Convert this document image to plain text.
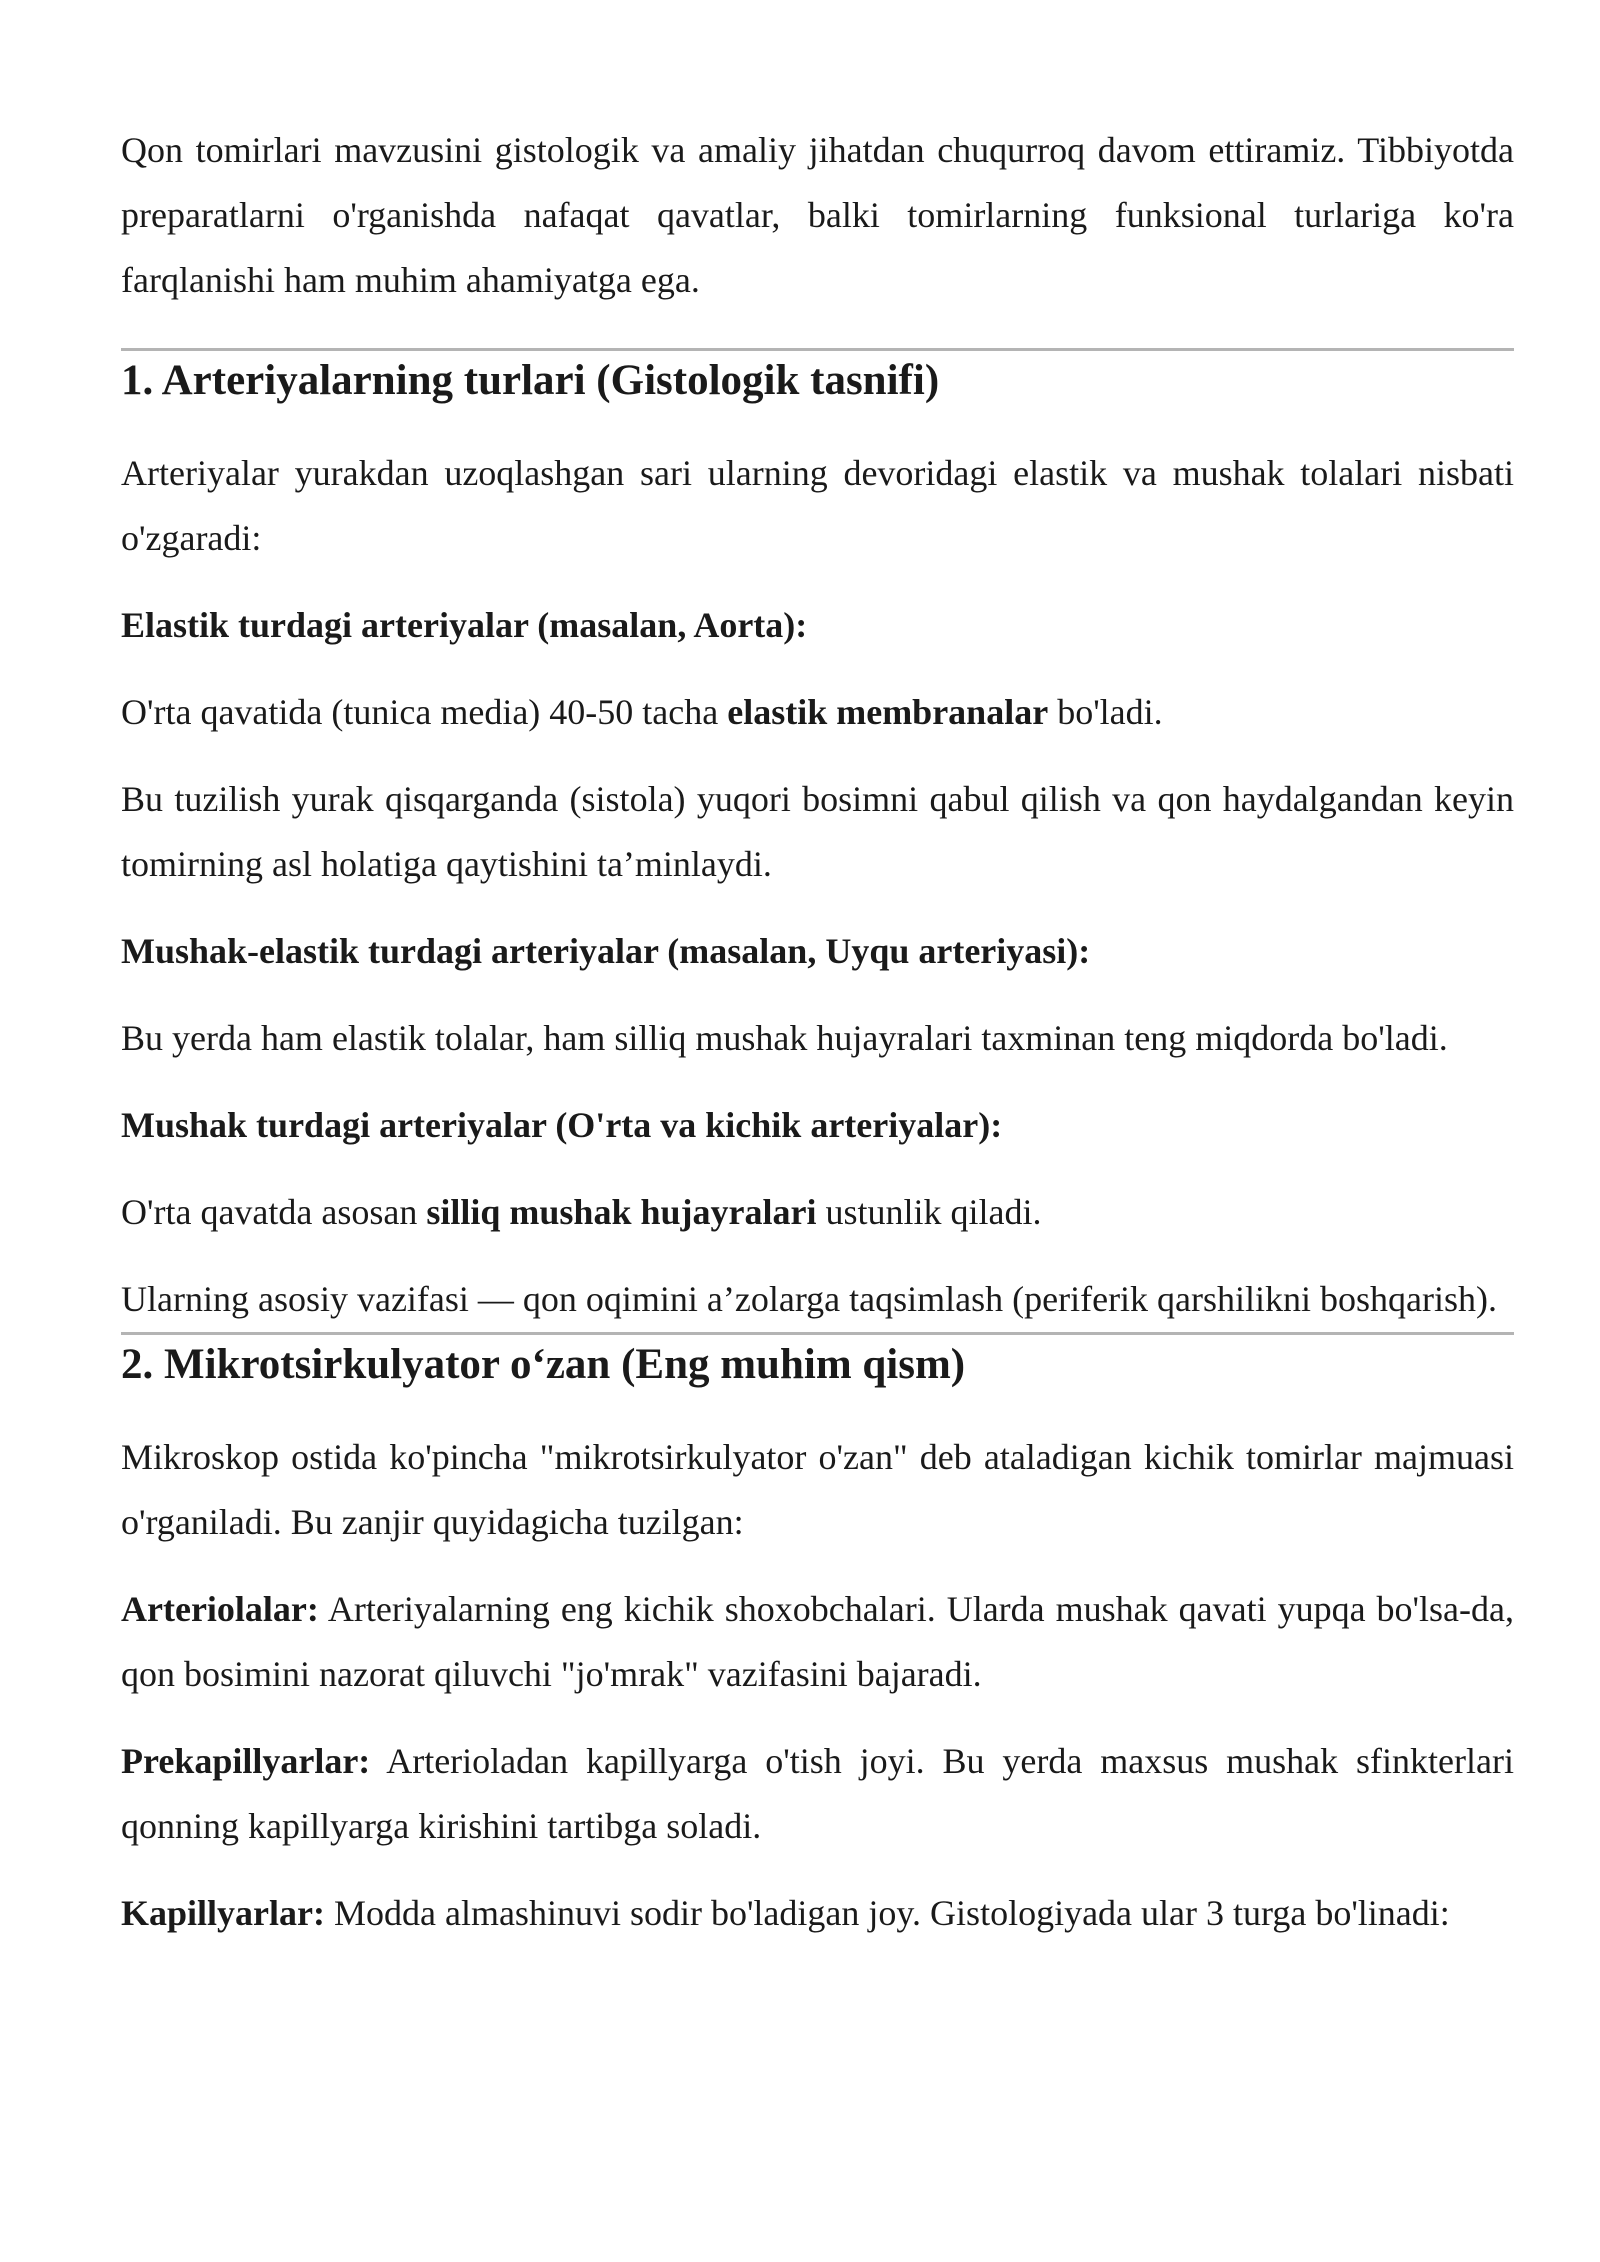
Qon tomirlari mavzusini gistologik va amaliy jihatdan chuqurroq davom ettiramiz. Tibbiyotda preparatlarni o'rganishda nafaqat qavatlar, balki tomirlarning funksional turlariga ko'ra farqlanishi ham muhim ahamiyatga ega.

1. Arteriyalarning turlari (Gistologik tasnifi)

Arteriyalar yurakdan uzoqlashgan sari ularning devoridagi elastik va mushak tolalari nisbati o'zgaradi:

Elastik turdagi arteriyalar (masalan, Aorta):

O'rta qavatida (tunica media) 40-50 tacha elastik membranalar bo'ladi.

Bu tuzilish yurak qisqarganda (sistola) yuqori bosimni qabul qilish va qon haydalgandan keyin tomirning asl holatiga qaytishini ta’minlaydi.

Mushak-elastik turdagi arteriyalar (masalan, Uyqu arteriyasi):

Bu yerda ham elastik tolalar, ham silliq mushak hujayralari taxminan teng miqdorda bo'ladi.

Mushak turdagi arteriyalar (O'rta va kichik arteriyalar):

O'rta qavatda asosan silliq mushak hujayralari ustunlik qiladi.

Ularning asosiy vazifasi — qon oqimini a’zolarga taqsimlash (periferik qarshilikni boshqarish).

2. Mikrotsirkulyator o‘zan (Eng muhim qism)

Mikroskop ostida ko'pincha "mikrotsirkulyator o'zan" deb ataladigan kichik tomirlar majmuasi o'rganiladi. Bu zanjir quyidagicha tuzilgan:

Arteriolalar: Arteriyalarning eng kichik shoxobchalari. Ularda mushak qavati yupqa bo'lsa-da, qon bosimini nazorat qiluvchi "jo'mrak" vazifasini bajaradi.

Prekapillyarlar: Arterioladan kapillyarga o'tish joyi. Bu yerda maxsus mushak sfinkterlari qonning kapillyarga kirishini tartibga soladi.

Kapillyarlar: Modda almashinuvi sodir bo'ladigan joy. Gistologiyada ular 3 turga bo'linadi:
